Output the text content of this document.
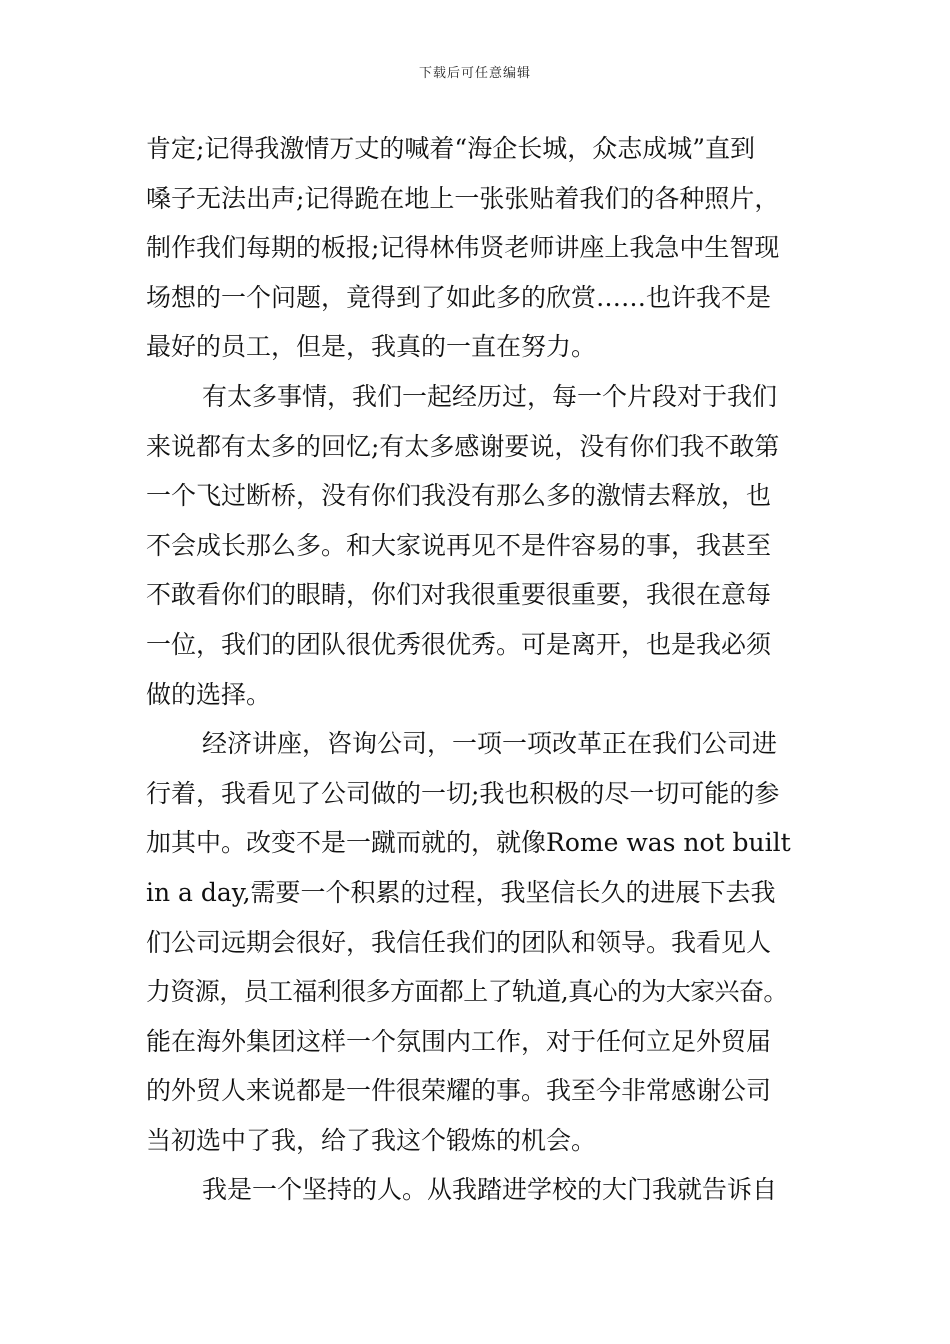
下载后可任意编辑
肯定;记得我激情万丈的喊着“海企长城，众志成城”直到
嗓子无法出声;记得跪在地上一张张贴着我们的各种照片，
制作我们每期的板报;记得林伟贤老师讲座上我急中生智现
场想的一个问题，竟得到了如此多的欣赏……也许我不是
最好的员工，但是，我真的一直在努力。
有太多事情，我们一起经历过，每一个片段对于我们
来说都有太多的回忆;有太多感谢要说，没有你们我不敢第
一个飞过断桥，没有你们我没有那么多的激情去释放，也
不会成长那么多。和大家说再见不是件容易的事，我甚至
不敢看你们的眼睛，你们对我很重要很重要，我很在意每
一位，我们的团队很优秀很优秀。可是离开，也是我必须
做的选择。
经济讲座，咨询公司，一项一项改革正在我们公司进
行着，我看见了公司做的一切;我也积极的尽一切可能的参
加其中。改变不是一蹴而就的，就像Rome was not built
in a day,需要一个积累的过程，我坚信长久的进展下去我
们公司远期会很好，我信任我们的团队和领导。我看见人
力资源，员工福利很多方面都上了轨道,真心的为大家兴奋。
能在海外集团这样一个氛围内工作，对于任何立足外贸届
的外贸人来说都是一件很荣耀的事。我至今非常感谢公司
当初选中了我，给了我这个锻炼的机会。
我是一个坚持的人。从我踏进学校的大门我就告诉自
